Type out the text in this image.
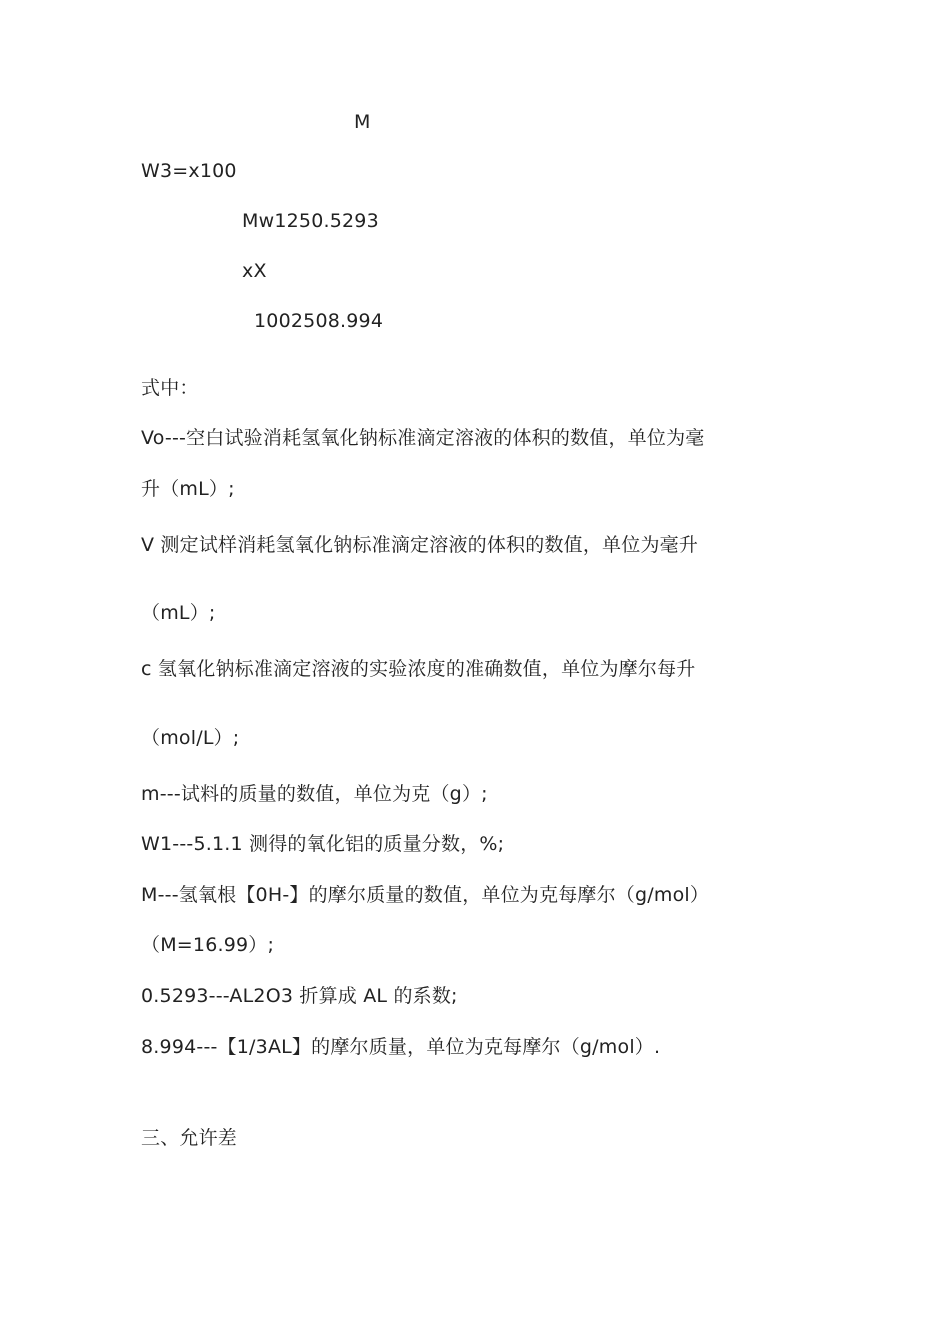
M
W3=x100
Mw1250.5293
xX
1002508.994
式中：
Vo---空白试验消耗氢氧化钠标准滴定溶液的体积的数值，单位为毫
升（mL）;
V 测定试样消耗氢氧化钠标准滴定溶液的体积的数值，单位为毫升
（mL）;
c 氢氧化钠标准滴定溶液的实验浓度的准确数值，单位为摩尔每升
（mol/L）;
m---试料的质量的数值，单位为克（g）;
W1---5.1.1 测得的氧化铝的质量分数，%;
M---氢氧根【0H-】的摩尔质量的数值，单位为克每摩尔（g/mol）
（M=16.99）;
0.5293---AL2O3 折算成 AL 的系数;
8.994---【1/3AL】的摩尔质量，单位为克每摩尔（g/mol）.
三、允许差
